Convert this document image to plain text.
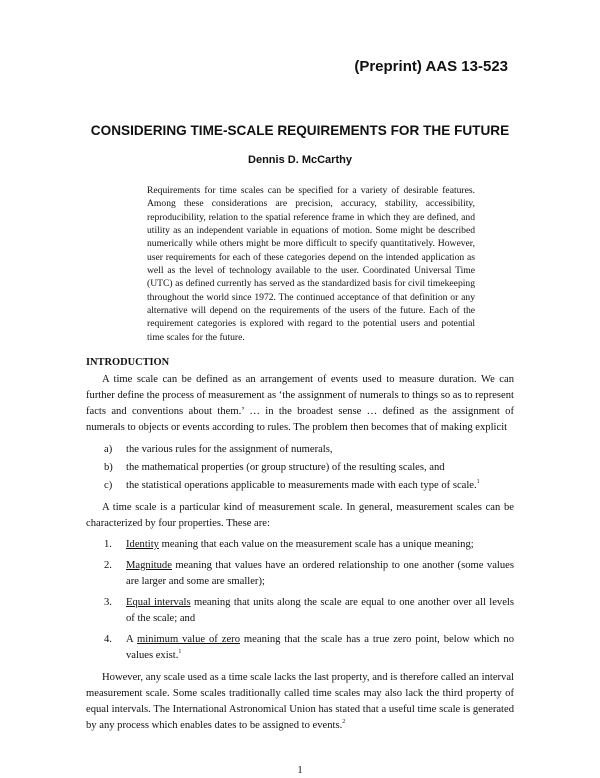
(Preprint) AAS 13-523
CONSIDERING TIME-SCALE REQUIREMENTS FOR THE FUTURE
Dennis D. McCarthy
Requirements for time scales can be specified for a variety of desirable features. Among these considerations are precision, accuracy, stability, accessibility, reproducibility, relation to the spatial reference frame in which they are defined, and utility as an independent variable in equations of motion. Some might be described numerically while others might be more difficult to specify quantitatively. However, user requirements for each of these categories depend on the intended application as well as the level of technology available to the user. Coordinated Universal Time (UTC) as defined currently has served as the standardized basis for civil timekeeping throughout the world since 1972. The continued acceptance of that definition or any alternative will depend on the requirements of the users of the future. Each of the requirement categories is explored with regard to the potential users and potential time scales for the future.
INTRODUCTION
A time scale can be defined as an arrangement of events used to measure duration. We can further define the process of measurement as ‘the assignment of numerals to things so as to represent facts and conventions about them.’ … in the broadest sense … defined as the assignment of numerals to objects or events according to rules. The problem then becomes that of making explicit
a) the various rules for the assignment of numerals,
b) the mathematical properties (or group structure) of the resulting scales, and
c) the statistical operations applicable to measurements made with each type of scale.$^1$
A time scale is a particular kind of measurement scale. In general, measurement scales can be characterized by four properties. These are:
1. Identity meaning that each value on the measurement scale has a unique meaning;
2. Magnitude meaning that values have an ordered relationship to one another (some values are larger and some are smaller);
3. Equal intervals meaning that units along the scale are equal to one another over all levels of the scale; and
4. A minimum value of zero meaning that the scale has a true zero point, below which no values exist.$^1$
However, any scale used as a time scale lacks the last property, and is therefore called an interval measurement scale. Some scales traditionally called time scales may also lack the third property of equal intervals. The International Astronomical Union has stated that a useful time scale is generated by any process which enables dates to be assigned to events.$^2$
1
